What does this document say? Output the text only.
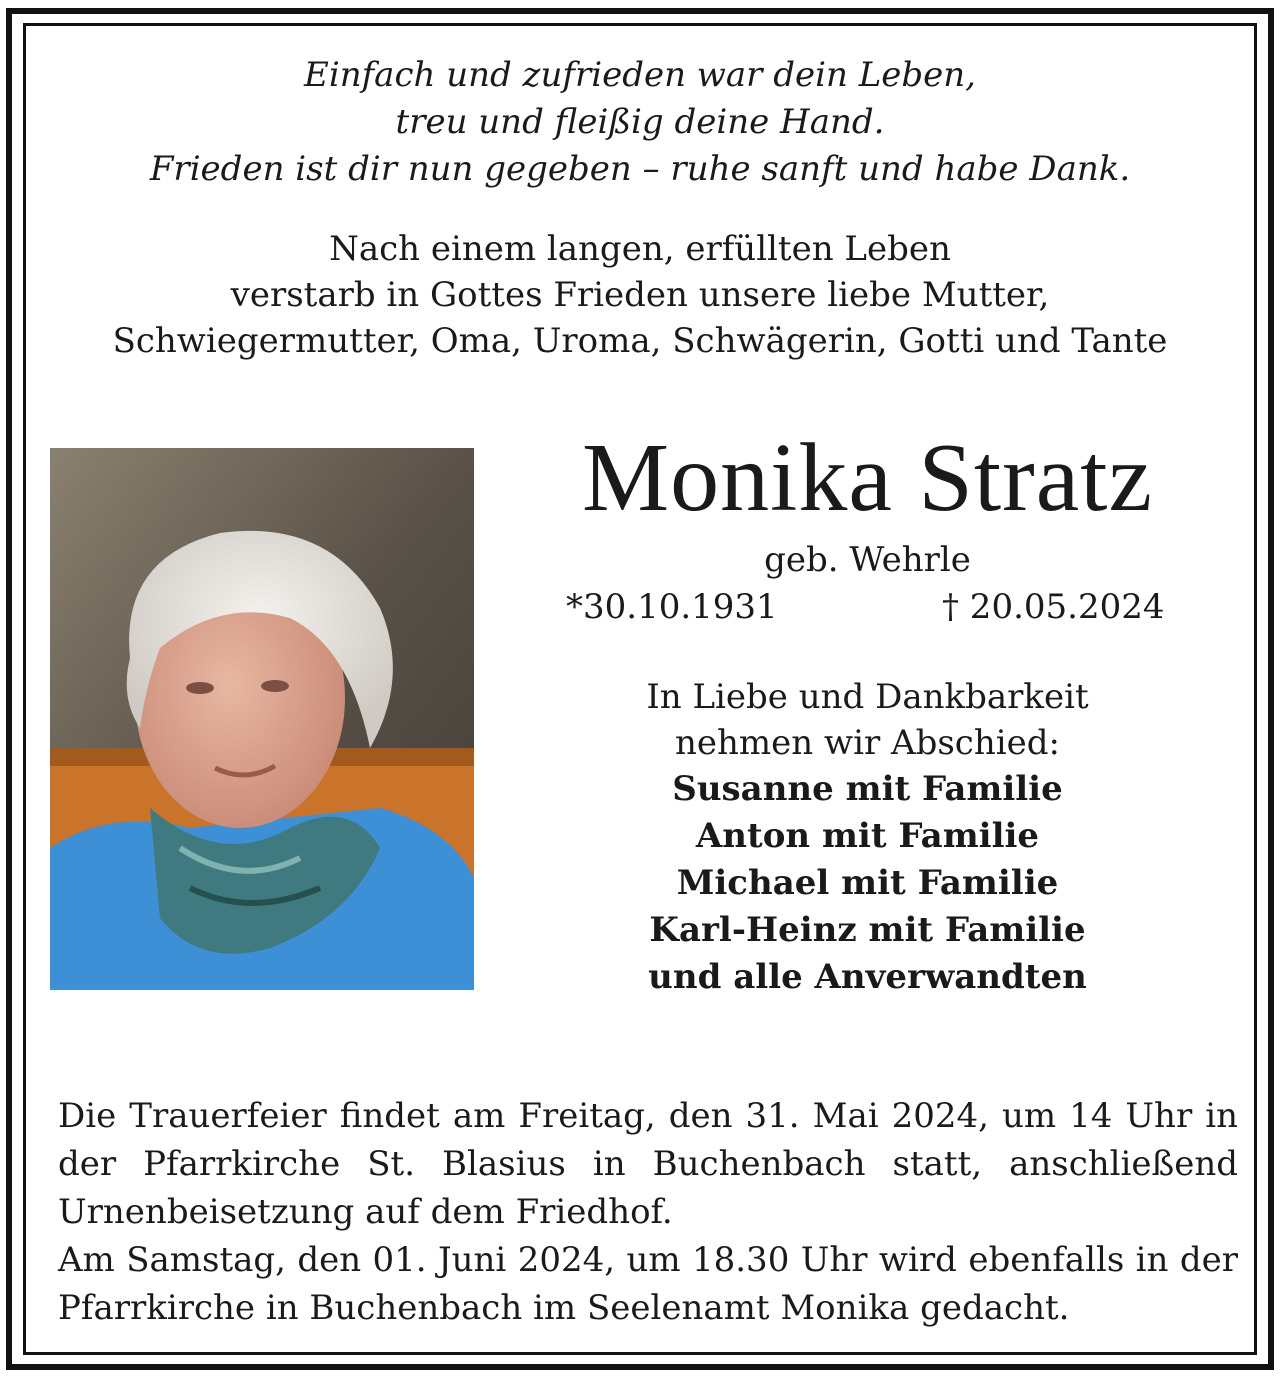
Einfach und zufrieden war dein Leben,
treu und fleißig deine Hand.
Frieden ist dir nun gegeben – ruhe sanft und habe Dank.
Nach einem langen, erfüllten Leben
verstarb in Gottes Frieden unsere liebe Mutter,
Schwiegermutter, Oma, Uroma, Schwägerin, Gotti und Tante
Monika Stratz
geb. Wehrle
*30.10.1931	† 20.05.2024
In Liebe und Dankbarkeit
nehmen wir Abschied:
Susanne mit Familie
Anton mit Familie
Michael mit Familie
Karl-Heinz mit Familie
und alle Anverwandten

Die Trauerfeier findet am Freitag, den 31. Mai 2024, um 14 Uhr in der Pfarrkirche St. Blasius in Buchenbach statt, anschließend Urnenbeisetzung auf dem Friedhof.

Am Samstag, den 01. Juni 2024, um 18.30 Uhr wird ebenfalls in der Pfarrkirche in Buchenbach im Seelenamt Monika gedacht.
